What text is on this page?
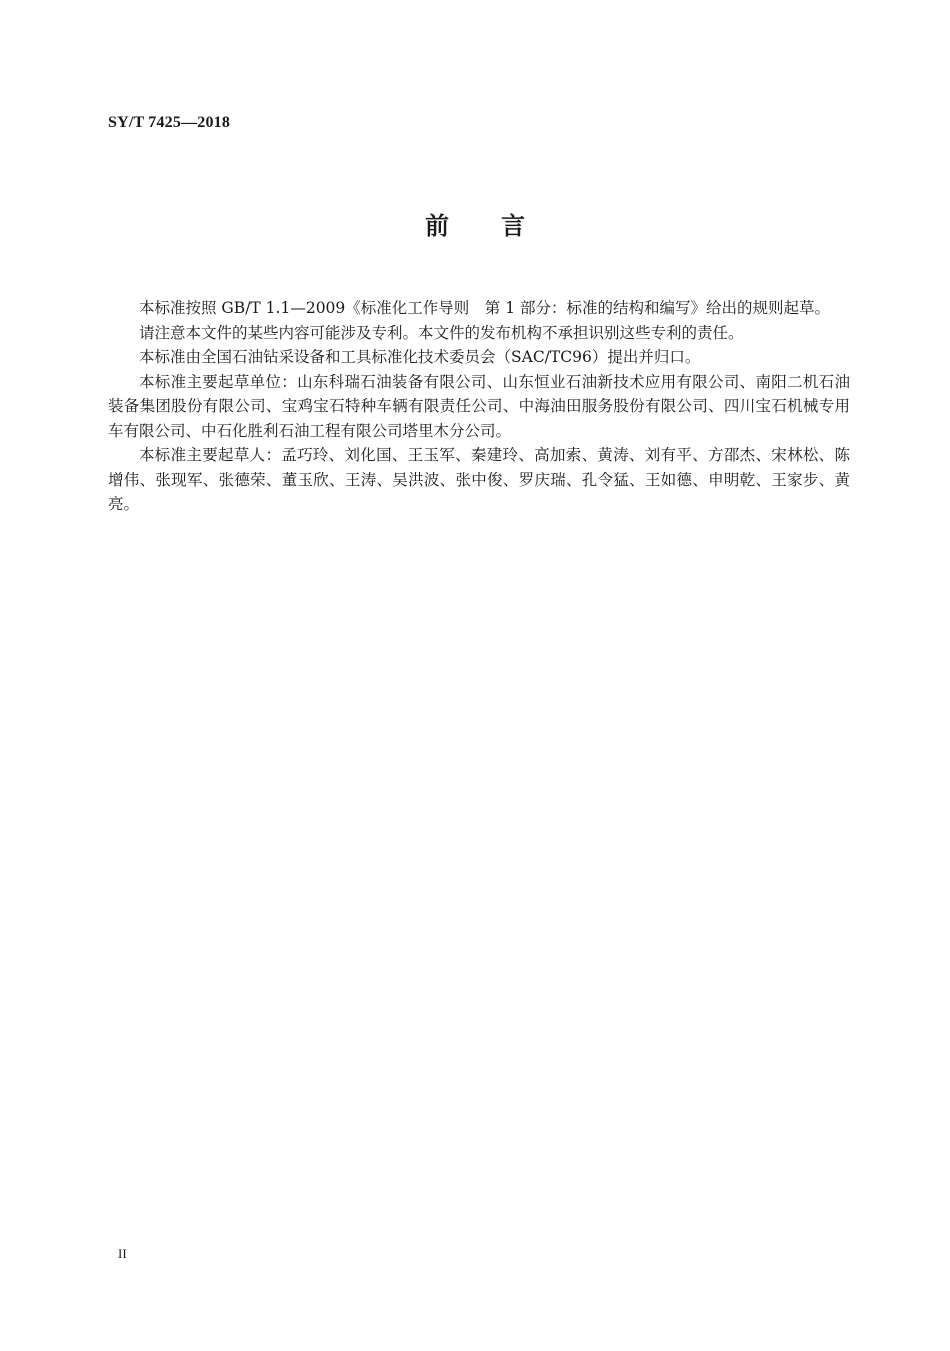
SY/T 7425—2018
前 言

本标准按照 GB/T 1.1—2009《标准化工作导则　第 1 部分：标准的结构和编写》给出的规则起草。

请注意本文件的某些内容可能涉及专利。本文件的发布机构不承担识别这些专利的责任。

本标准由全国石油钻采设备和工具标准化技术委员会（SAC/TC96）提出并归口。

本标准主要起草单位：山东科瑞石油装备有限公司、山东恒业石油新技术应用有限公司、南阳二机石油装备集团股份有限公司、宝鸡宝石特种车辆有限责任公司、中海油田服务股份有限公司、四川宝石机械专用车有限公司、中石化胜利石油工程有限公司塔里木分公司。

本标准主要起草人：孟巧玲、刘化国、王玉军、秦建玲、高加索、黄涛、刘有平、方邵杰、宋林松、陈增伟、张现军、张德荣、董玉欣、王涛、吴洪波、张中俊、罗庆瑞、孔令猛、王如德、申明乾、王家步、黄亮。

II
